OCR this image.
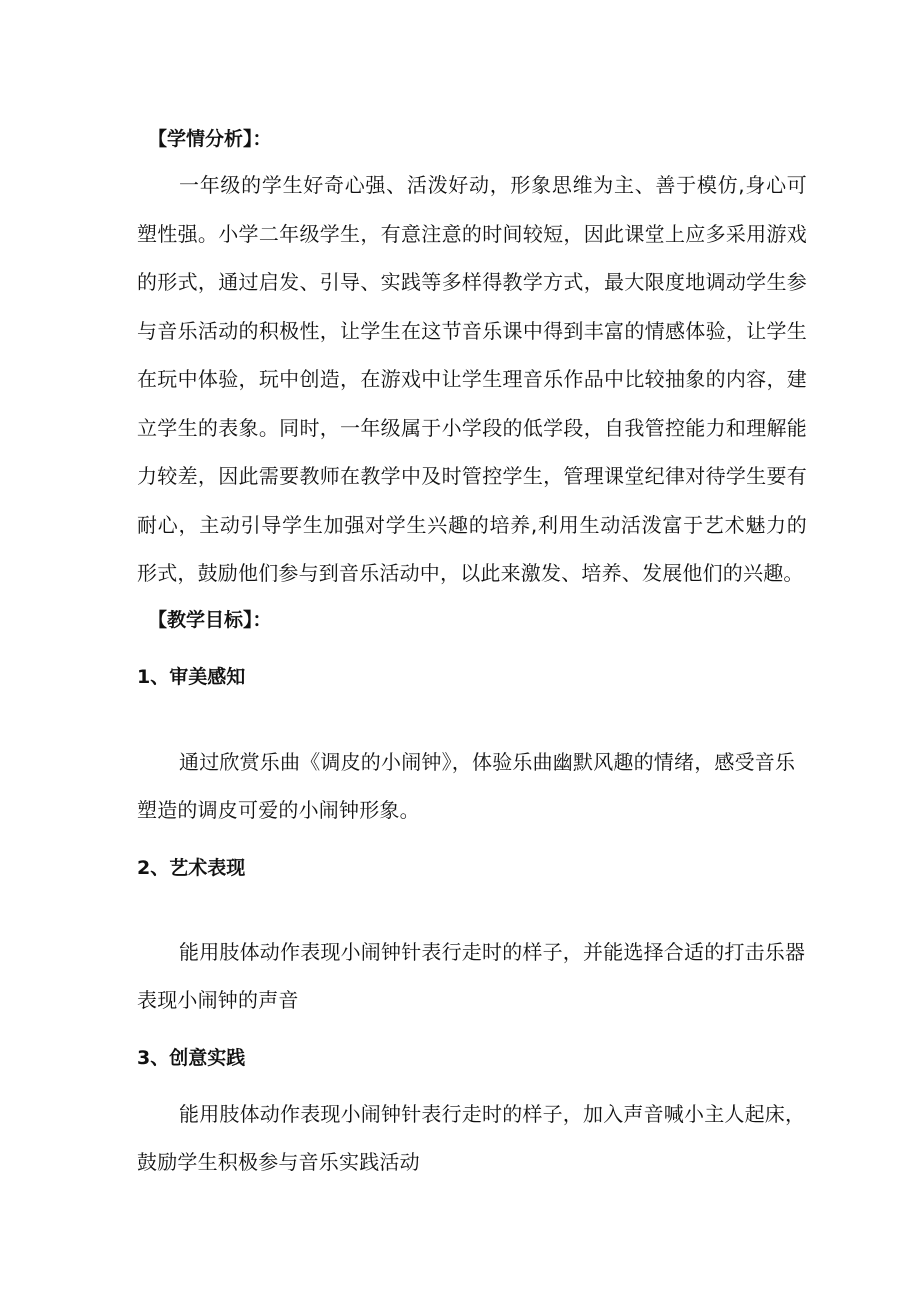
【学情分析】：

一年级的学生好奇心强、活泼好动，形象思维为主、善于模仿,身心可塑性强。小学二年级学生，有意注意的时间较短，因此课堂上应多采用游戏的形式，通过启发、引导、实践等多样得教学方式，最大限度地调动学生参与音乐活动的积极性，让学生在这节音乐课中得到丰富的情感体验，让学生在玩中体验，玩中创造，在游戏中让学生理音乐作品中比较抽象的内容，建立学生的表象。同时，一年级属于小学段的低学段，自我管控能力和理解能力较差，因此需要教师在教学中及时管控学生，管理课堂纪律对待学生要有耐心，主动引导学生加强对学生兴趣的培养,利用生动活泼富于艺术魅力的形式，鼓励他们参与到音乐活动中，以此来激发、培养、发展他们的兴趣。

【教学目标】：
1、审美感知

通过欣赏乐曲《调皮的小闹钟》，体验乐曲幽默风趣的情绪，感受音乐塑造的调皮可爱的小闹钟形象。

2、艺术表现

能用肢体动作表现小闹钟针表行走时的样子，并能选择合适的打击乐器表现小闹钟的声音

3、创意实践

能用肢体动作表现小闹钟针表行走时的样子，加入声音喊小主人起床，鼓励学生积极参与音乐实践活动
